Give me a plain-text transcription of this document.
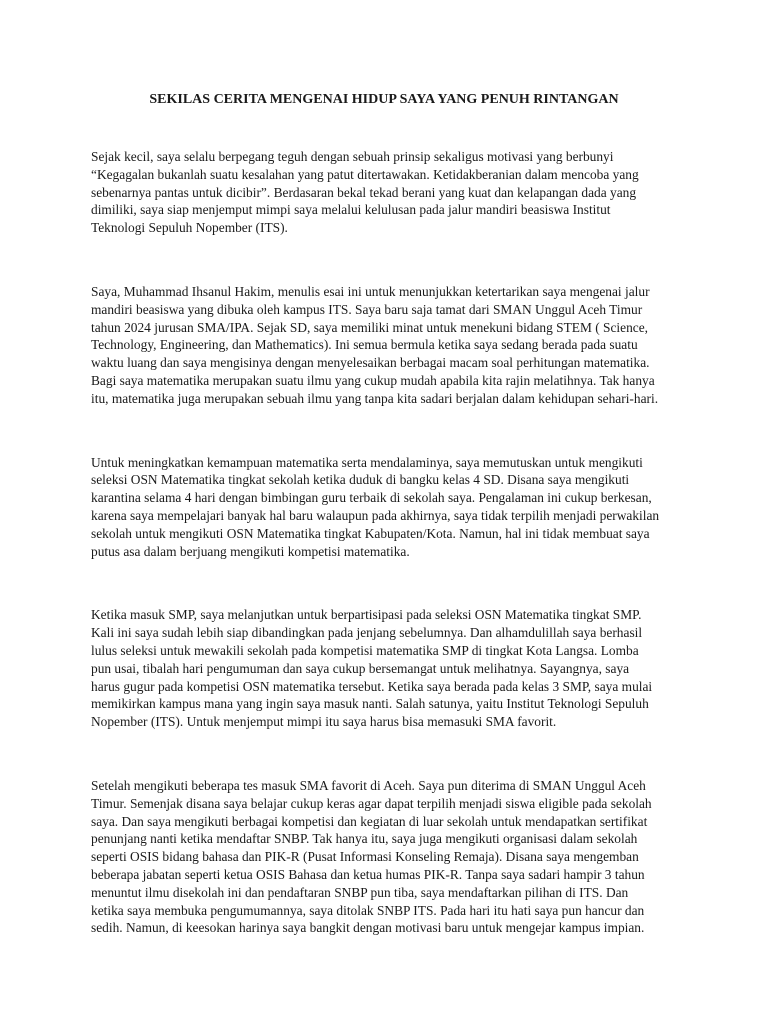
SEKILAS CERITA MENGENAI HIDUP SAYA YANG PENUH RINTANGAN

Sejak kecil, saya selalu berpegang teguh dengan sebuah prinsip sekaligus motivasi yang berbunyi
“Kegagalan bukanlah suatu kesalahan yang patut ditertawakan. Ketidakberanian dalam mencoba yang
sebenarnya pantas untuk dicibir”. Berdasaran bekal tekad berani yang kuat dan kelapangan dada yang
dimiliki, saya siap menjemput mimpi saya melalui kelulusan pada jalur mandiri beasiswa Institut
Teknologi Sepuluh Nopember (ITS).

Saya, Muhammad Ihsanul Hakim, menulis esai ini untuk menunjukkan ketertarikan saya mengenai jalur
mandiri beasiswa yang dibuka oleh kampus ITS. Saya baru saja tamat dari SMAN Unggul Aceh Timur
tahun 2024 jurusan SMA/IPA. Sejak SD, saya memiliki minat untuk menekuni bidang STEM ( Science,
Technology, Engineering, dan Mathematics). Ini semua bermula ketika saya sedang berada pada suatu
waktu luang dan saya mengisinya dengan menyelesaikan berbagai macam soal perhitungan matematika.
Bagi saya matematika merupakan suatu ilmu yang cukup mudah apabila kita rajin melatihnya. Tak hanya
itu, matematika juga merupakan sebuah ilmu yang tanpa kita sadari berjalan dalam kehidupan sehari-hari.

Untuk meningkatkan kemampuan matematika serta mendalaminya, saya memutuskan untuk mengikuti
seleksi OSN Matematika tingkat sekolah ketika duduk di bangku kelas 4 SD. Disana saya mengikuti
karantina selama 4 hari dengan bimbingan guru terbaik di sekolah saya. Pengalaman ini cukup berkesan,
karena saya mempelajari banyak hal baru walaupun pada akhirnya, saya tidak terpilih menjadi perwakilan
sekolah untuk mengikuti OSN Matematika tingkat Kabupaten/Kota. Namun, hal ini tidak membuat saya
putus asa dalam berjuang mengikuti kompetisi matematika.

Ketika masuk SMP, saya melanjutkan untuk berpartisipasi pada seleksi OSN Matematika tingkat SMP.
Kali ini saya sudah lebih siap dibandingkan pada jenjang sebelumnya. Dan alhamdulillah saya berhasil
lulus seleksi untuk mewakili sekolah pada kompetisi matematika SMP di tingkat Kota Langsa. Lomba
pun usai, tibalah hari pengumuman dan saya cukup bersemangat untuk melihatnya. Sayangnya, saya
harus gugur pada kompetisi OSN matematika tersebut. Ketika saya berada pada kelas 3 SMP, saya mulai
memikirkan kampus mana yang ingin saya masuk nanti. Salah satunya, yaitu Institut Teknologi Sepuluh
Nopember (ITS). Untuk menjemput mimpi itu saya harus bisa memasuki SMA favorit.

Setelah mengikuti beberapa tes masuk SMA favorit di Aceh. Saya pun diterima di SMAN Unggul Aceh
Timur. Semenjak disana saya belajar cukup keras agar dapat terpilih menjadi siswa eligible pada sekolah
saya. Dan saya mengikuti berbagai kompetisi dan kegiatan di luar sekolah untuk mendapatkan sertifikat
penunjang nanti ketika mendaftar SNBP. Tak hanya itu, saya juga mengikuti organisasi dalam sekolah
seperti OSIS bidang bahasa dan PIK-R (Pusat Informasi Konseling Remaja). Disana saya mengemban
beberapa jabatan seperti ketua OSIS Bahasa dan ketua humas PIK-R. Tanpa saya sadari hampir 3 tahun
menuntut ilmu disekolah ini dan pendaftaran SNBP pun tiba, saya mendaftarkan pilihan di ITS. Dan
ketika saya membuka pengumumannya, saya ditolak SNBP ITS. Pada hari itu hati saya pun hancur dan
sedih. Namun, di keesokan harinya saya bangkit dengan motivasi baru untuk mengejar kampus impian.
